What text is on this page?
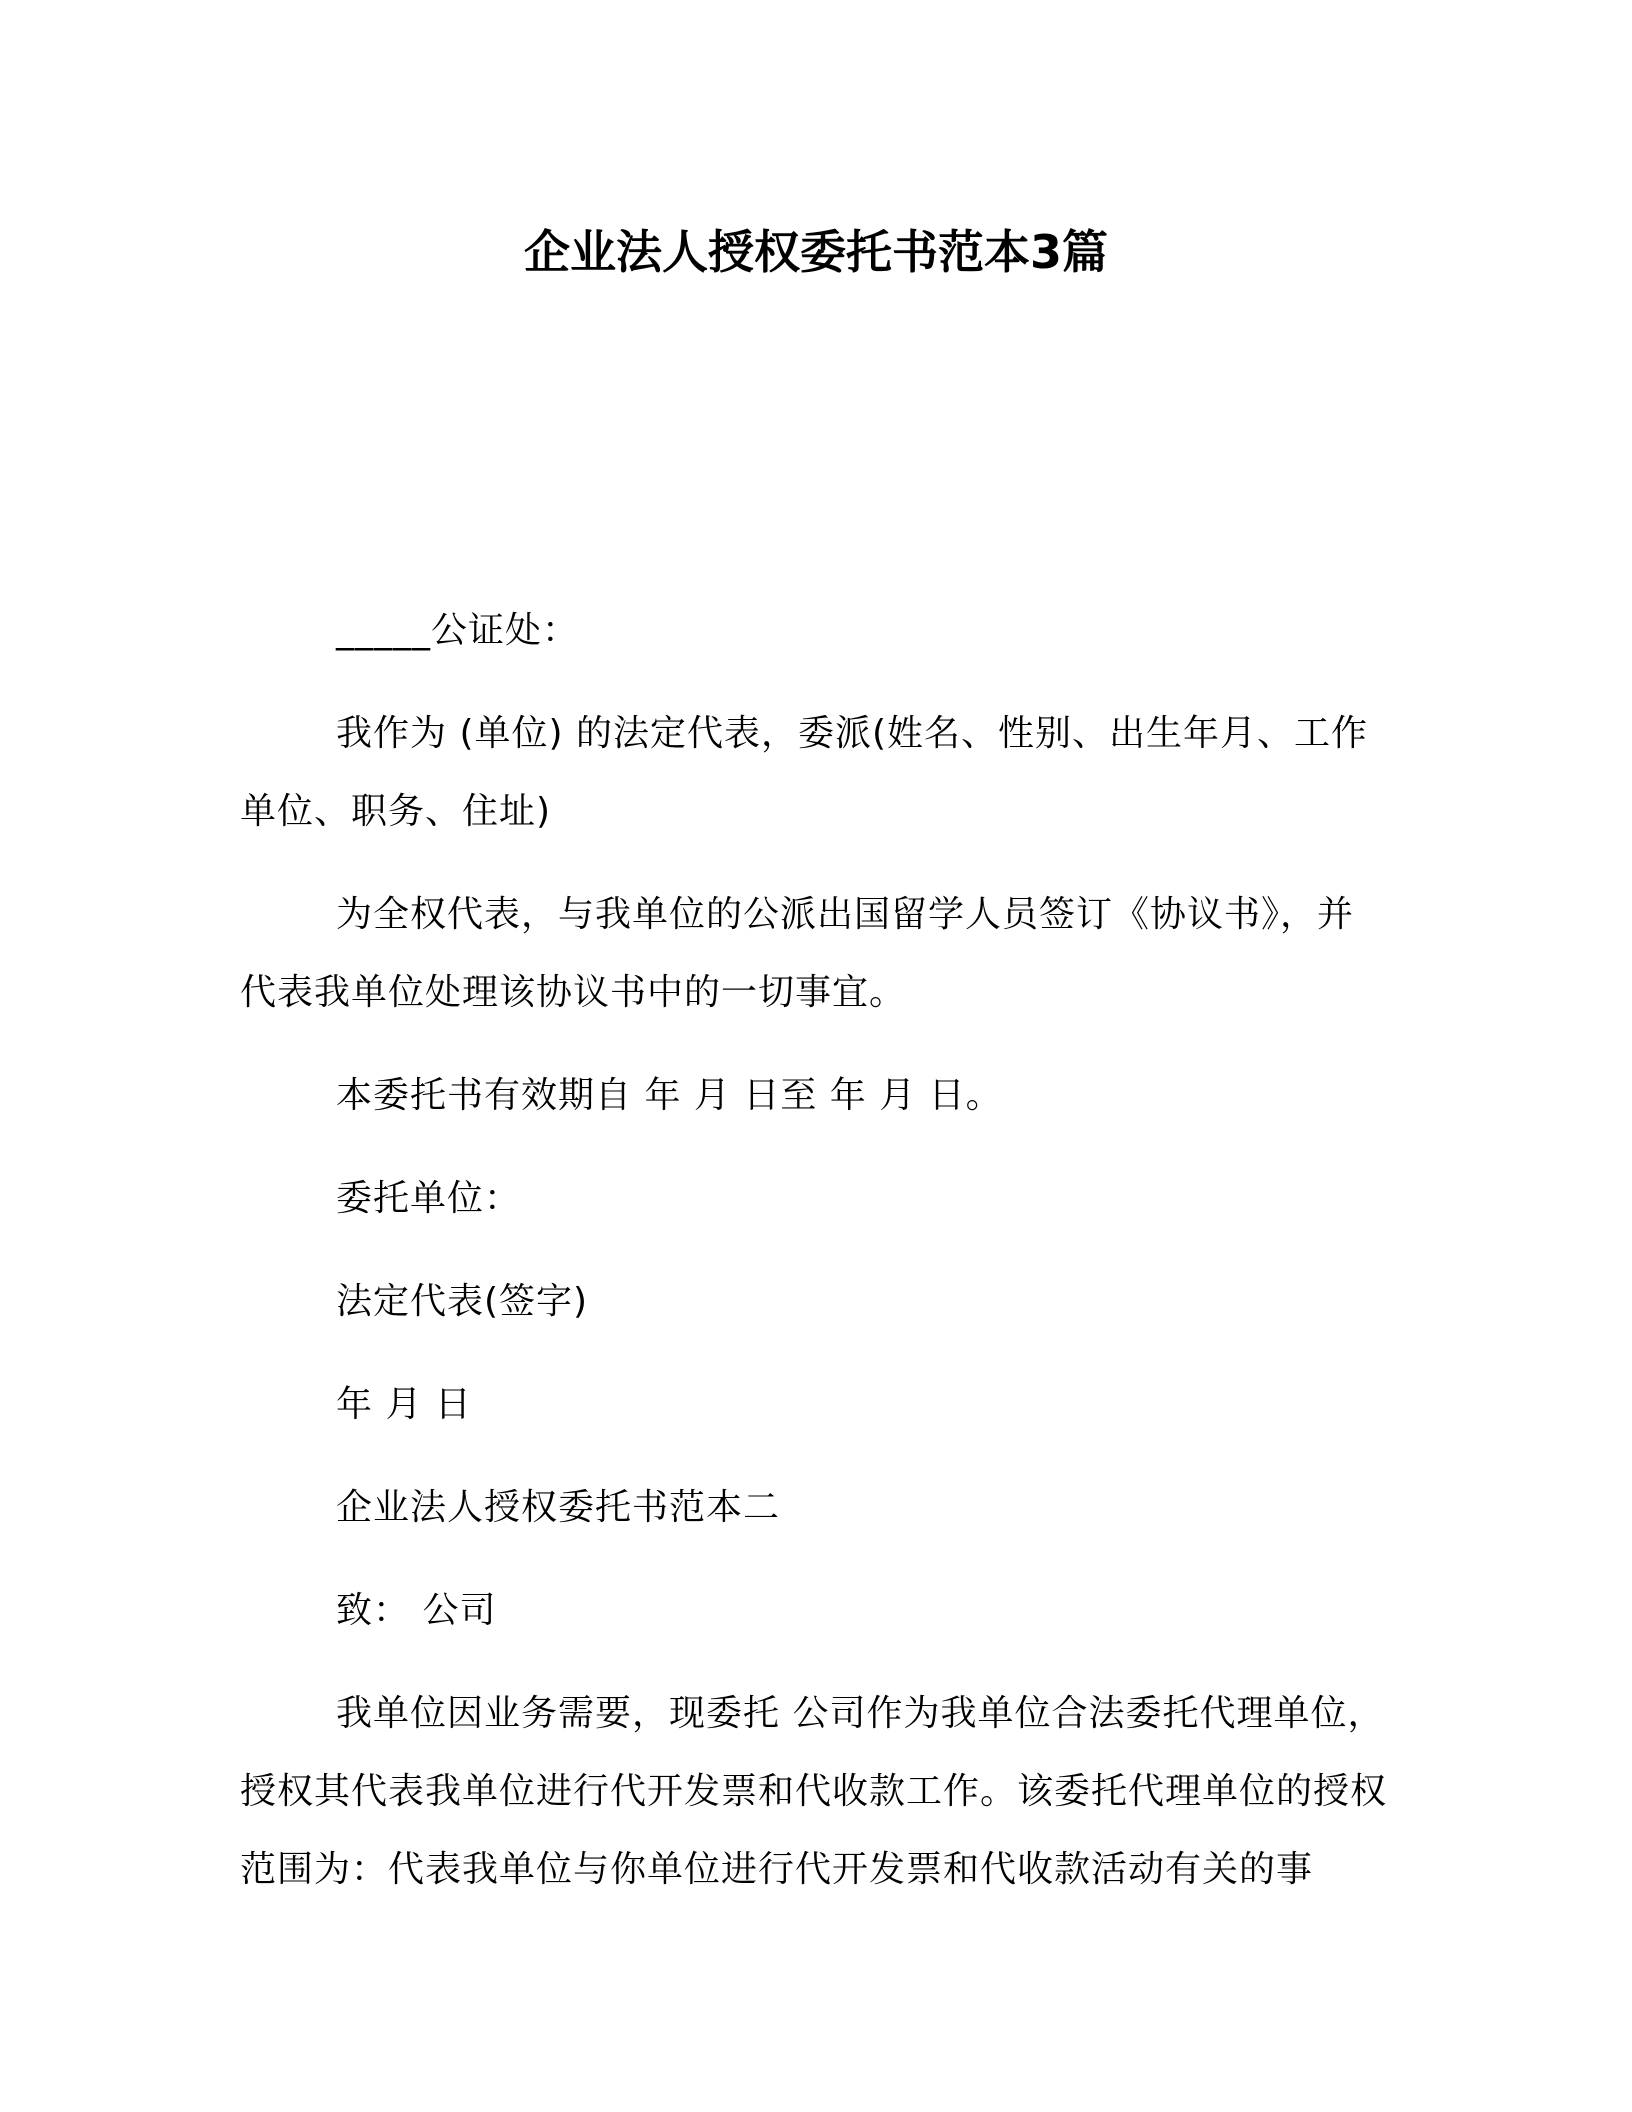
企业法人授权委托书范本3篇

_____公证处：

我作为 (单位) 的法定代表，委派(姓名、性别、出生年月、工作单位、职务、住址)

为全权代表，与我单位的公派出国留学人员签订《协议书》，并代表我单位处理该协议书中的一切事宜。

本委托书有效期自 年 月 日至 年 月 日。

委托单位：

法定代表(签字)

年 月 日

企业法人授权委托书范本二

致： 公司

我单位因业务需要，现委托 公司作为我单位合法委托代理单位，授权其代表我单位进行代开发票和代收款工作。该委托代理单位的授权范围为：代表我单位与你单位进行代开发票和代收款活动有关的事
